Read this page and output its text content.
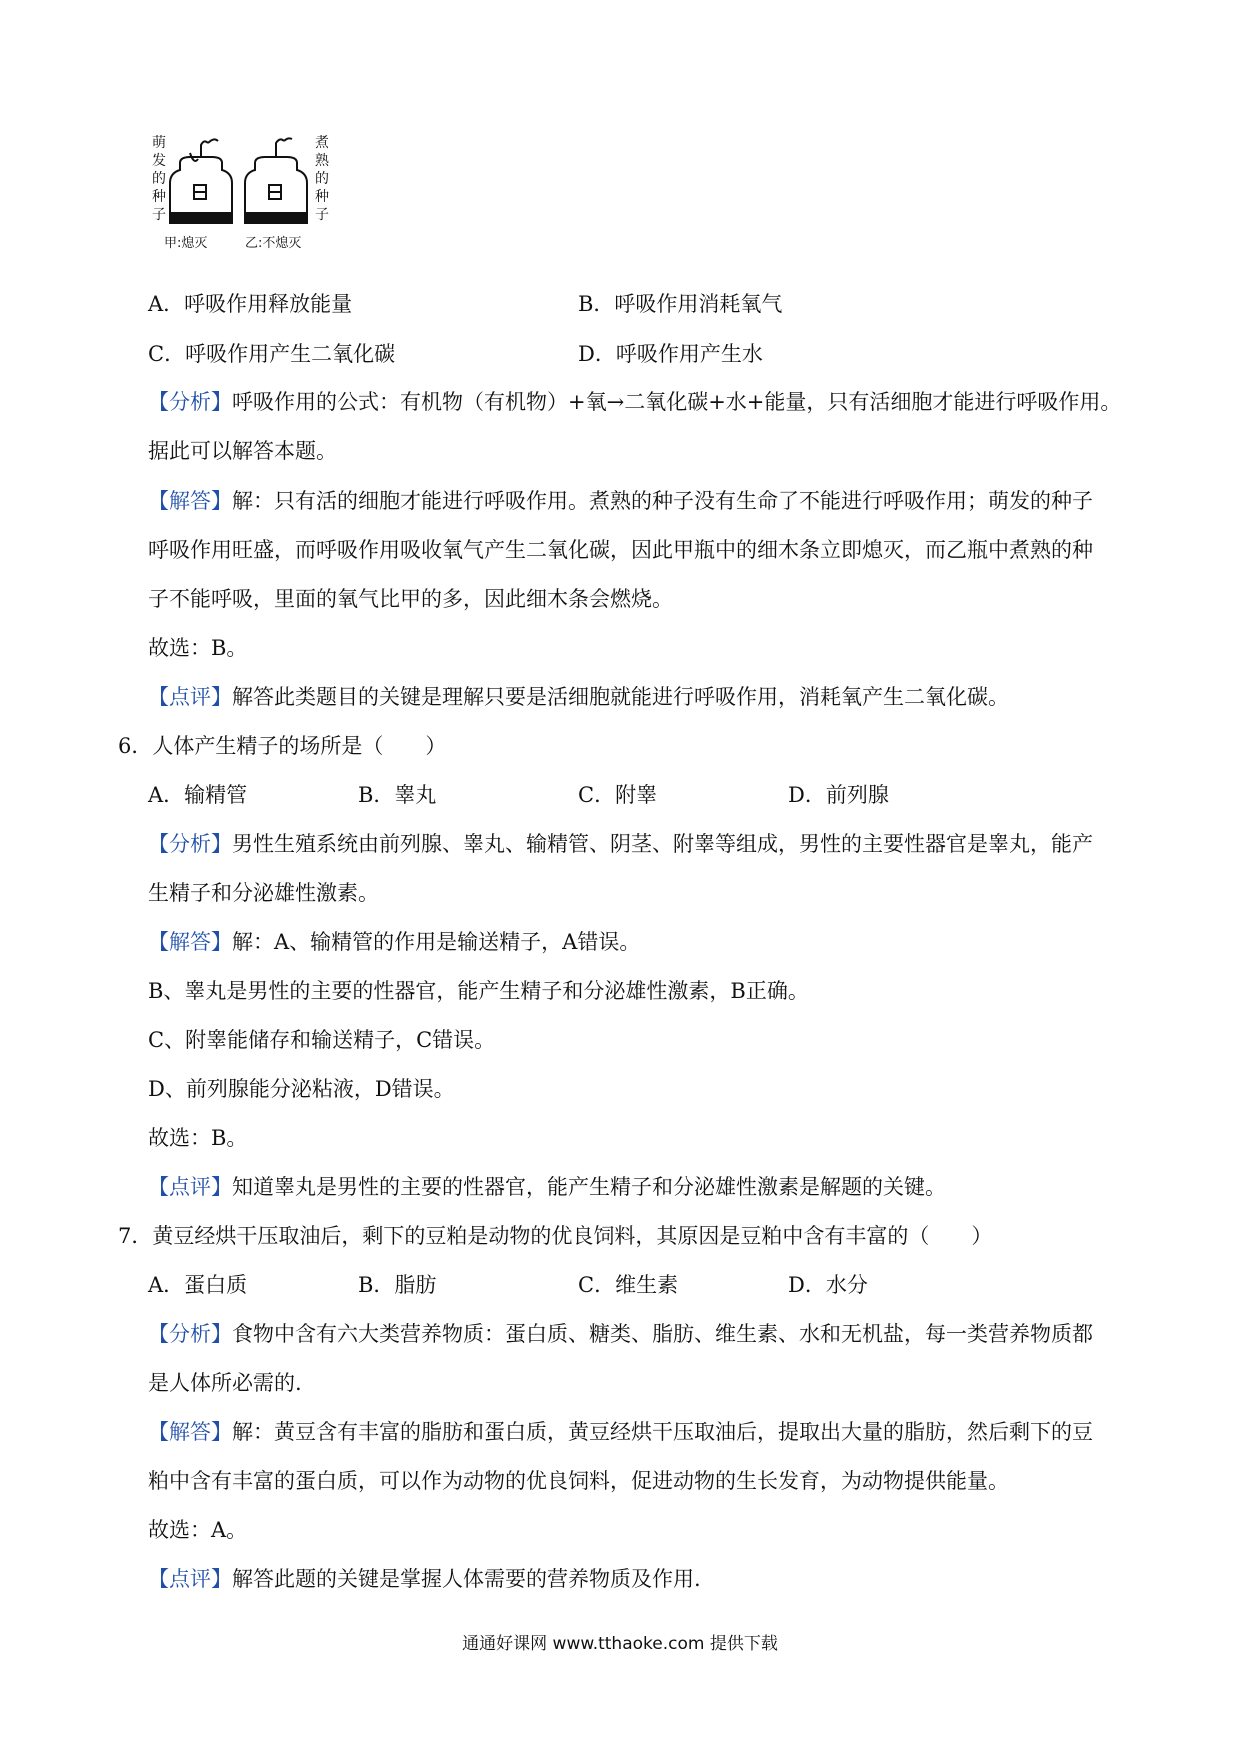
萌
发
的
种
子
煮
熟
的
种
子
甲:熄灭	乙:不熄灭
A．呼吸作用释放能量	B．呼吸作用消耗氧气
C．呼吸作用产生二氧化碳	D．呼吸作用产生水
【分析】呼吸作用的公式：有机物（有机物）+氧→二氧化碳+水+能量，只有活细胞才能进行呼吸作用。
据此可以解答本题。
【解答】解：只有活的细胞才能进行呼吸作用。煮熟的种子没有生命了不能进行呼吸作用；萌发的种子
呼吸作用旺盛，而呼吸作用吸收氧气产生二氧化碳，因此甲瓶中的细木条立即熄灭，而乙瓶中煮熟的种
子不能呼吸，里面的氧气比甲的多，因此细木条会燃烧。
故选：B。
【点评】解答此类题目的关键是理解只要是活细胞就能进行呼吸作用，消耗氧产生二氧化碳。
6．人体产生精子的场所是（　　）
A．输精管	B．睾丸	C．附睾	D．前列腺
【分析】男性生殖系统由前列腺、睾丸、输精管、阴茎、附睾等组成，男性的主要性器官是睾丸，能产
生精子和分泌雄性激素。
【解答】解：A、输精管的作用是输送精子，A错误。
B、睾丸是男性的主要的性器官，能产生精子和分泌雄性激素，B正确。
C、附睾能储存和输送精子，C错误。
D、前列腺能分泌粘液，D错误。
故选：B。
【点评】知道睾丸是男性的主要的性器官，能产生精子和分泌雄性激素是解题的关键。
7．黄豆经烘干压取油后，剩下的豆粕是动物的优良饲料，其原因是豆粕中含有丰富的（　　）
A．蛋白质	B．脂肪	C．维生素	D．水分
【分析】食物中含有六大类营养物质：蛋白质、糖类、脂肪、维生素、水和无机盐，每一类营养物质都
是人体所必需的.
【解答】解：黄豆含有丰富的脂肪和蛋白质，黄豆经烘干压取油后，提取出大量的脂肪，然后剩下的豆
粕中含有丰富的蛋白质，可以作为动物的优良饲料，促进动物的生长发育，为动物提供能量。
故选：A。
【点评】解答此题的关键是掌握人体需要的营养物质及作用.
通通好课网 www.tthaoke.com 提供下载
